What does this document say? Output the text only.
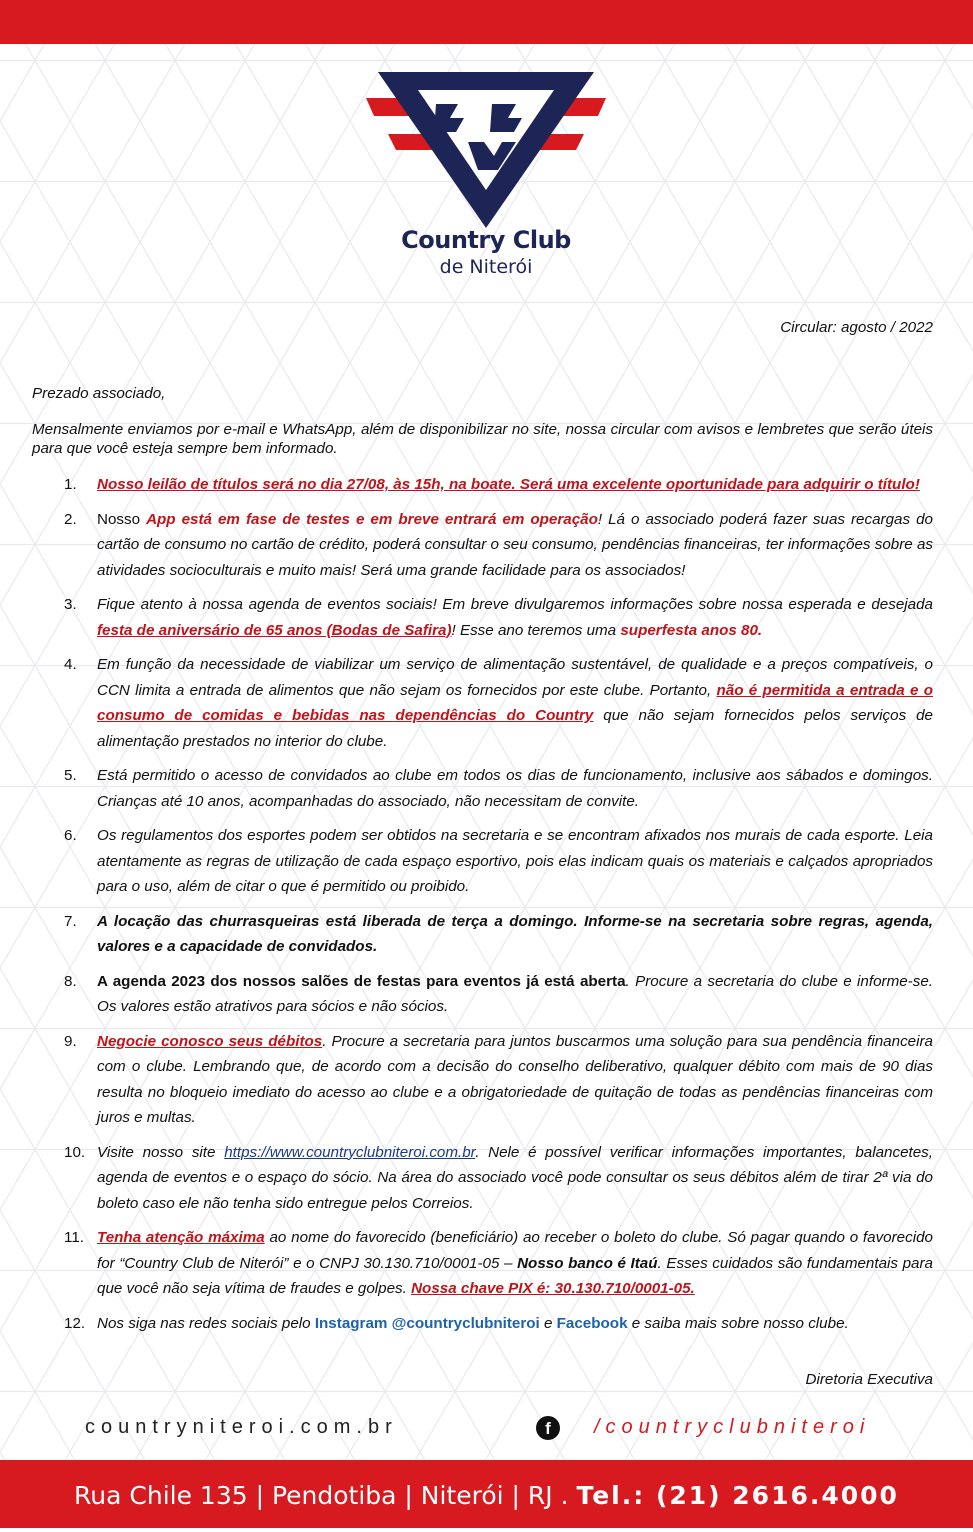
Country Club
de Niterói
Circular: agosto / 2022
Prezado associado,
Mensalmente enviamos por e-mail e WhatsApp, além de disponibilizar no site, nossa circular com avisos e lembretes que serão úteis para que você esteja sempre bem informado.
1. Nosso leilão de títulos será no dia 27/08, às 15h, na boate. Será uma excelente oportunidade para adquirir o título!
2. Nosso App está em fase de testes e em breve entrará em operação! Lá o associado poderá fazer suas recargas do cartão de consumo no cartão de crédito, poderá consultar o seu consumo, pendências financeiras, ter informações sobre as atividades socioculturais e muito mais! Será uma grande facilidade para os associados!
3. Fique atento à nossa agenda de eventos sociais! Em breve divulgaremos informações sobre nossa esperada e desejada festa de aniversário de 65 anos (Bodas de Safira)! Esse ano teremos uma superfesta anos 80.
4. Em função da necessidade de viabilizar um serviço de alimentação sustentável, de qualidade e a preços compatíveis, o CCN limita a entrada de alimentos que não sejam os fornecidos por este clube. Portanto, não é permitida a entrada e o consumo de comidas e bebidas nas dependências do Country que não sejam fornecidos pelos serviços de alimentação prestados no interior do clube.
5. Está permitido o acesso de convidados ao clube em todos os dias de funcionamento, inclusive aos sábados e domingos. Crianças até 10 anos, acompanhadas do associado, não necessitam de convite.
6. Os regulamentos dos esportes podem ser obtidos na secretaria e se encontram afixados nos murais de cada esporte. Leia atentamente as regras de utilização de cada espaço esportivo, pois elas indicam quais os materiais e calçados apropriados para o uso, além de citar o que é permitido ou proibido.
7. A locação das churrasqueiras está liberada de terça a domingo. Informe-se na secretaria sobre regras, agenda, valores e a capacidade de convidados.
8. A agenda 2023 dos nossos salões de festas para eventos já está aberta. Procure a secretaria do clube e informe-se. Os valores estão atrativos para sócios e não sócios.
9. Negocie conosco seus débitos. Procure a secretaria para juntos buscarmos uma solução para sua pendência financeira com o clube. Lembrando que, de acordo com a decisão do conselho deliberativo, qualquer débito com mais de 90 dias resulta no bloqueio imediato do acesso ao clube e a obrigatoriedade de quitação de todas as pendências financeiras com juros e multas.
10. Visite nosso site https://www.countryclubniteroi.com.br. Nele é possível verificar informações importantes, balancetes, agenda de eventos e o espaço do sócio. Na área do associado você pode consultar os seus débitos além de tirar 2ª via do boleto caso ele não tenha sido entregue pelos Correios.
11. Tenha atenção máxima ao nome do favorecido (beneficiário) ao receber o boleto do clube. Só pagar quando o favorecido for “Country Club de Niterói” e o CNPJ 30.130.710/0001-05 – Nosso banco é Itaú. Esses cuidados são fundamentais para que você não seja vítima de fraudes e golpes. Nossa chave PIX é: 30.130.710/0001-05.
12. Nos siga nas redes sociais pelo Instagram @countryclubniteroi e Facebook e saiba mais sobre nosso clube.
Diretoria Executiva
countryniteroi.com.br	f	/countryclubniteroi
Rua Chile 135 | Pendotiba | Niterói | RJ . Tel.: (21) 2616.4000
